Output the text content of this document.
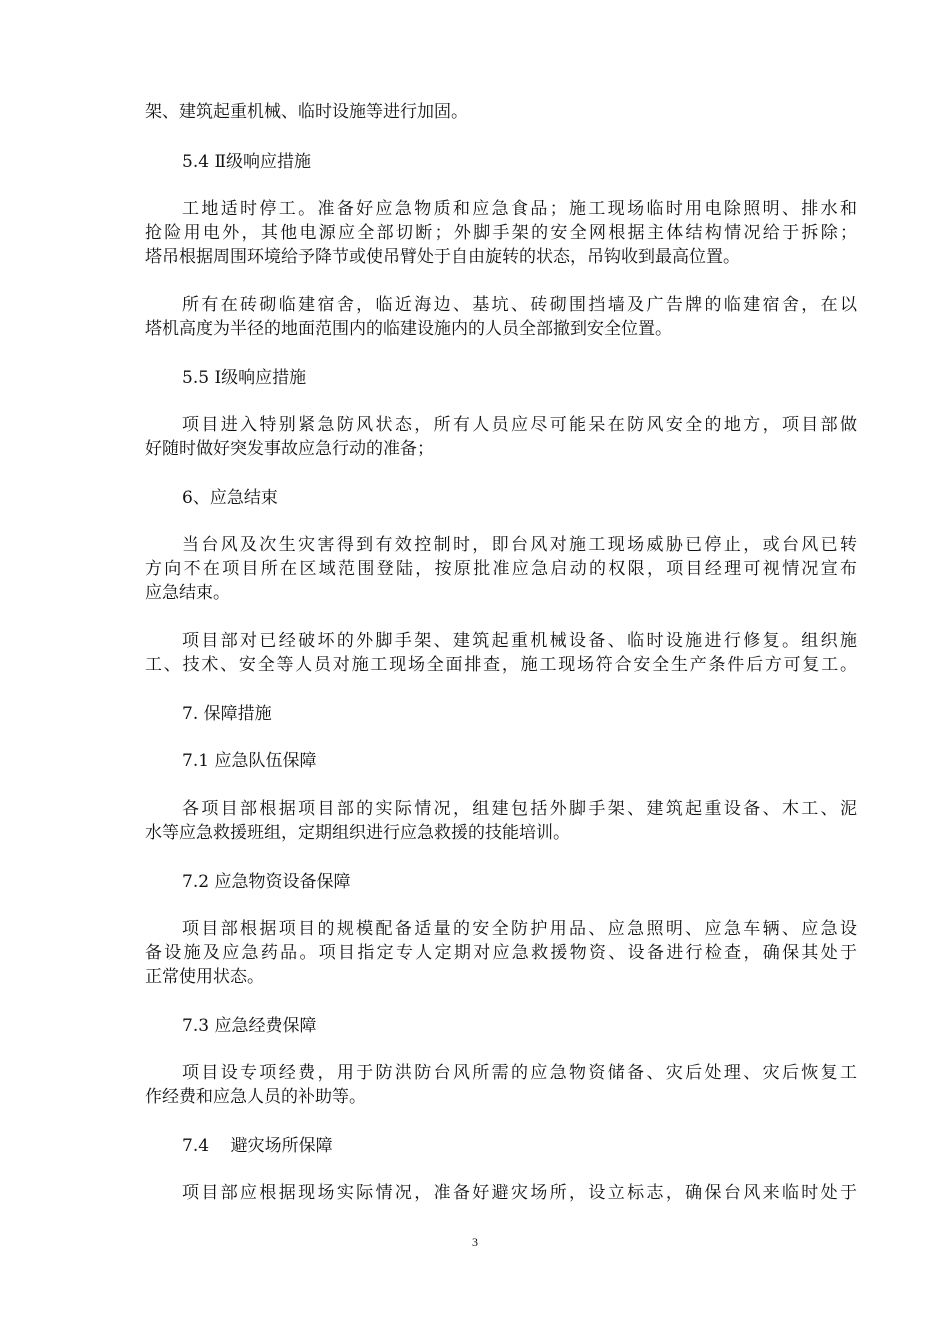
架、建筑起重机械、临时设施等进行加固。
5.4 Ⅱ级响应措施
工地适时停工。准备好应急物质和应急食品；施工现场临时用电除照明、排水和
抢险用电外，其他电源应全部切断；外脚手架的安全网根据主体结构情况给于拆除；
塔吊根据周围环境给予降节或使吊臂处于自由旋转的状态，吊钩收到最高位置。
所有在砖砌临建宿舍，临近海边、基坑、砖砌围挡墙及广告牌的临建宿舍，在以
塔机高度为半径的地面范围内的临建设施内的人员全部撤到安全位置。
5.5 Ⅰ级响应措施
项目进入特别紧急防风状态，所有人员应尽可能呆在防风安全的地方，项目部做
好随时做好突发事故应急行动的准备；
6、应急结束
当台风及次生灾害得到有效控制时，即台风对施工现场威胁已停止，或台风已转
方向不在项目所在区域范围登陆，按原批准应急启动的权限，项目经理可视情况宣布
应急结束。
项目部对已经破坏的外脚手架、建筑起重机械设备、临时设施进行修复。组织施
工、技术、安全等人员对施工现场全面排查，施工现场符合安全生产条件后方可复工。
7. 保障措施
7.1 应急队伍保障
各项目部根据项目部的实际情况，组建包括外脚手架、建筑起重设备、木工、泥
水等应急救援班组，定期组织进行应急救援的技能培训。
7.2 应急物资设备保障
项目部根据项目的规模配备适量的安全防护用品、应急照明、应急车辆、应急设
备设施及应急药品。项目指定专人定期对应急救援物资、设备进行检查，确保其处于
正常使用状态。
7.3 应急经费保障
项目设专项经费，用于防洪防台风所需的应急物资储备、灾后处理、灾后恢复工
作经费和应急人员的补助等。
7.4    避灾场所保障
项目部应根据现场实际情况，准备好避灾场所，设立标志，确保台风来临时处于
3
